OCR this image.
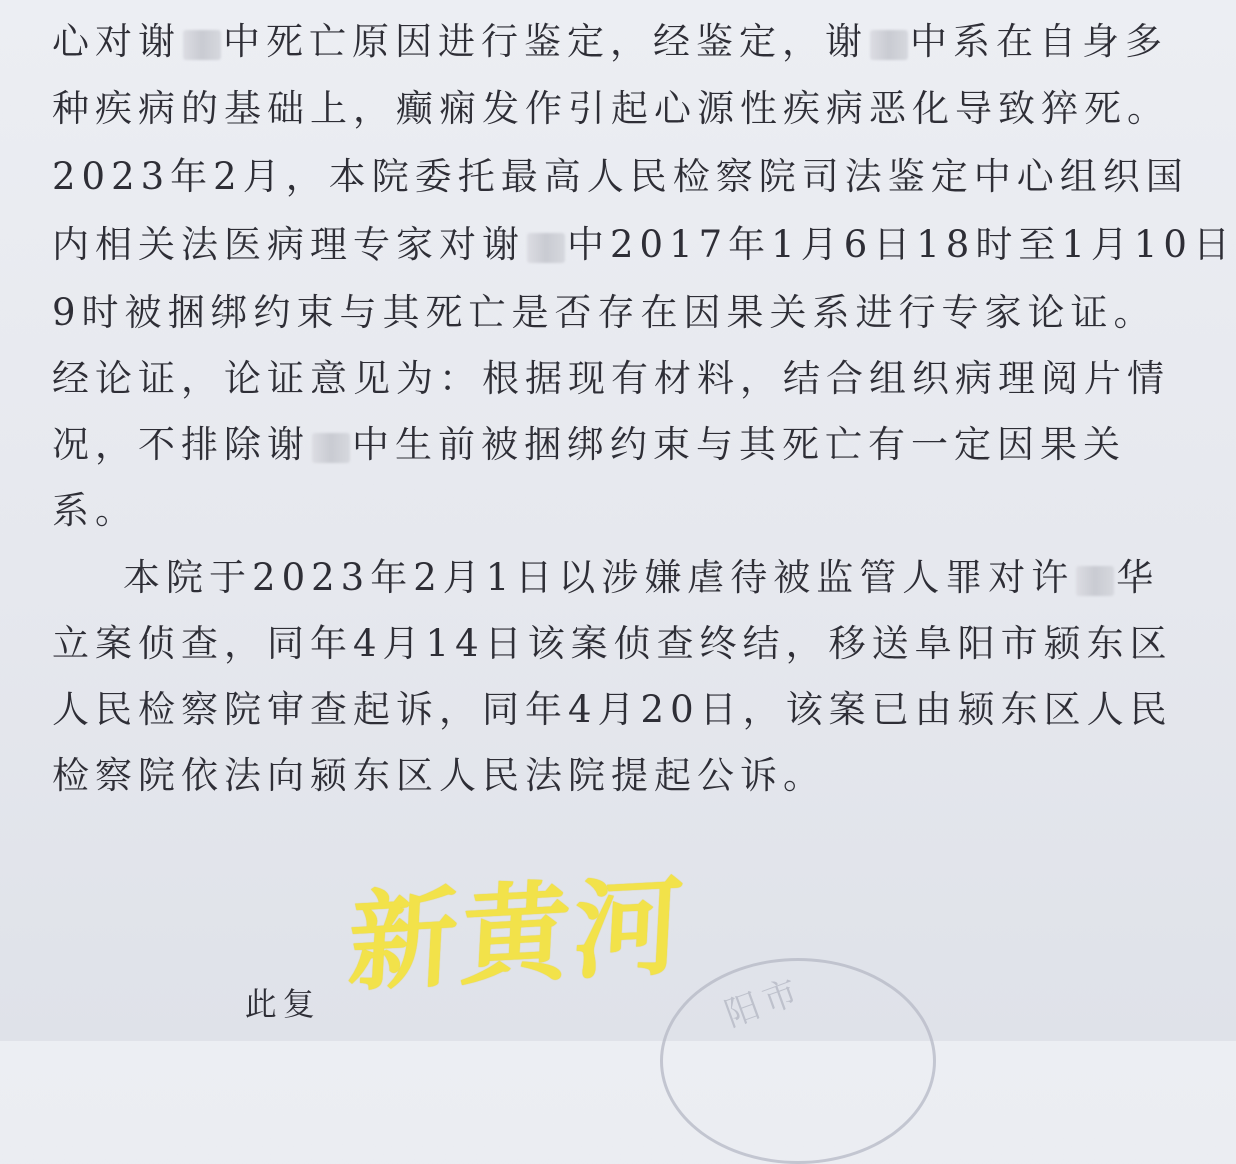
心对谢 中死亡原因进行鉴定，经鉴定，谢 中系在自身多
种疾病的基础上，癫痫发作引起心源性疾病恶化导致猝死。
2023年2月，本院委托最高人民检察院司法鉴定中心组织国
内相关法医病理专家对谢 中2017年1月6日18时至1月10日
9时被捆绑约束与其死亡是否存在因果关系进行专家论证。
经论证，论证意见为：根据现有材料，结合组织病理阅片情
况，不排除谢 中生前被捆绑约束与其死亡有一定因果关
系。
本院于2023年2月1日以涉嫌虐待被监管人罪对许 华
立案侦查，同年4月14日该案侦查终结，移送阜阳市颍东区
人民检察院审查起诉，同年4月20日，该案已由颍东区人民
检察院依法向颍东区人民法院提起公诉。

此复
新黄河 阳市
